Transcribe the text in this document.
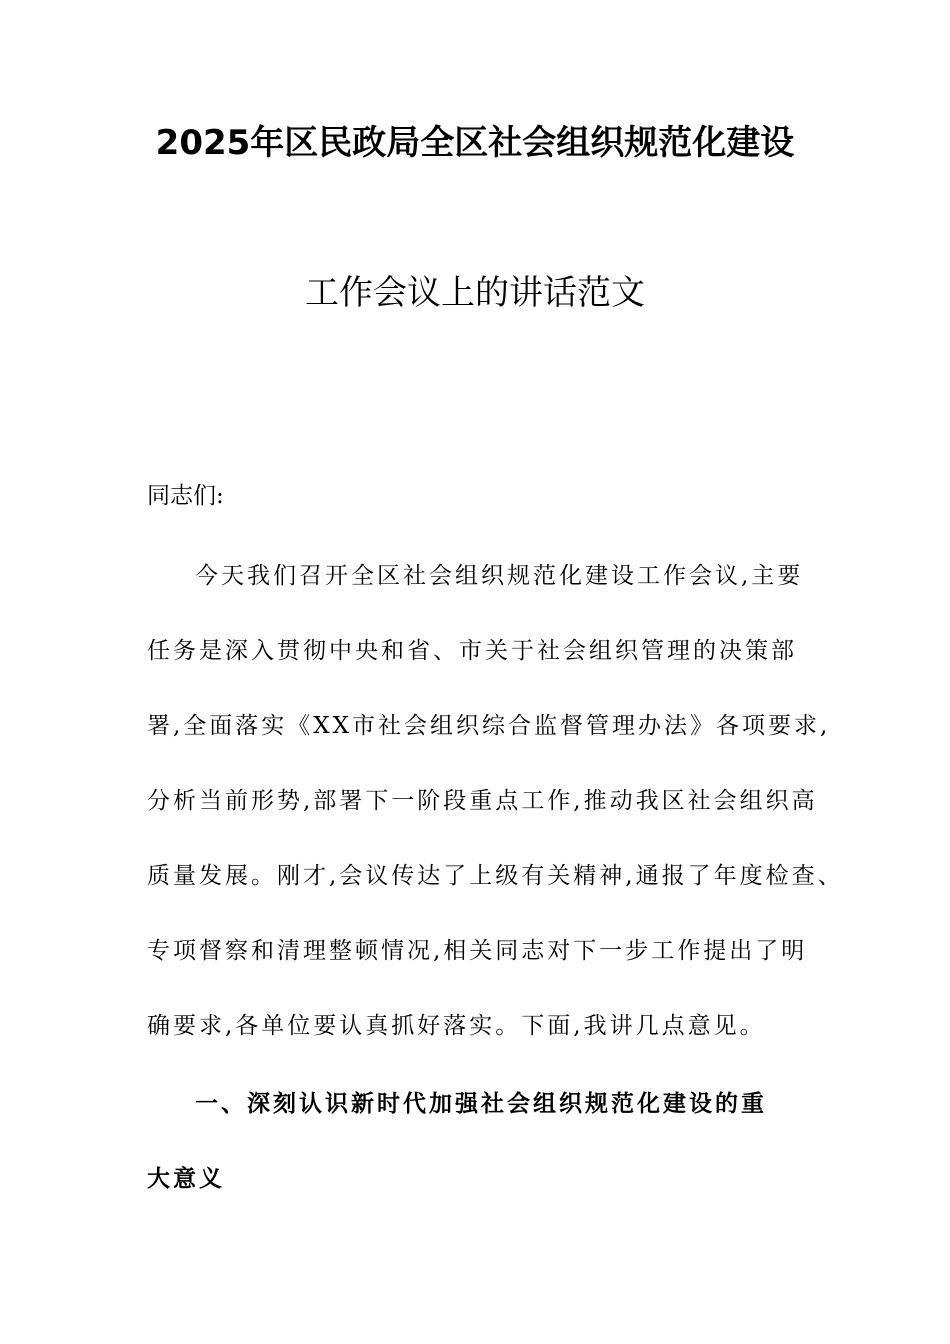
2025年区民政局全区社会组织规范化建设
工作会议上的讲话范文

同志们:

今天我们召开全区社会组织规范化建设工作会议,主要
任务是深入贯彻中央和省、市关于社会组织管理的决策部
署,全面落实《XX市社会组织综合监督管理办法》各项要求,
分析当前形势,部署下一阶段重点工作,推动我区社会组织高
质量发展。刚才,会议传达了上级有关精神,通报了年度检查、
专项督察和清理整顿情况,相关同志对下一步工作提出了明
确要求,各单位要认真抓好落实。下面,我讲几点意见。
一、深刻认识新时代加强社会组织规范化建设的重
大意义
